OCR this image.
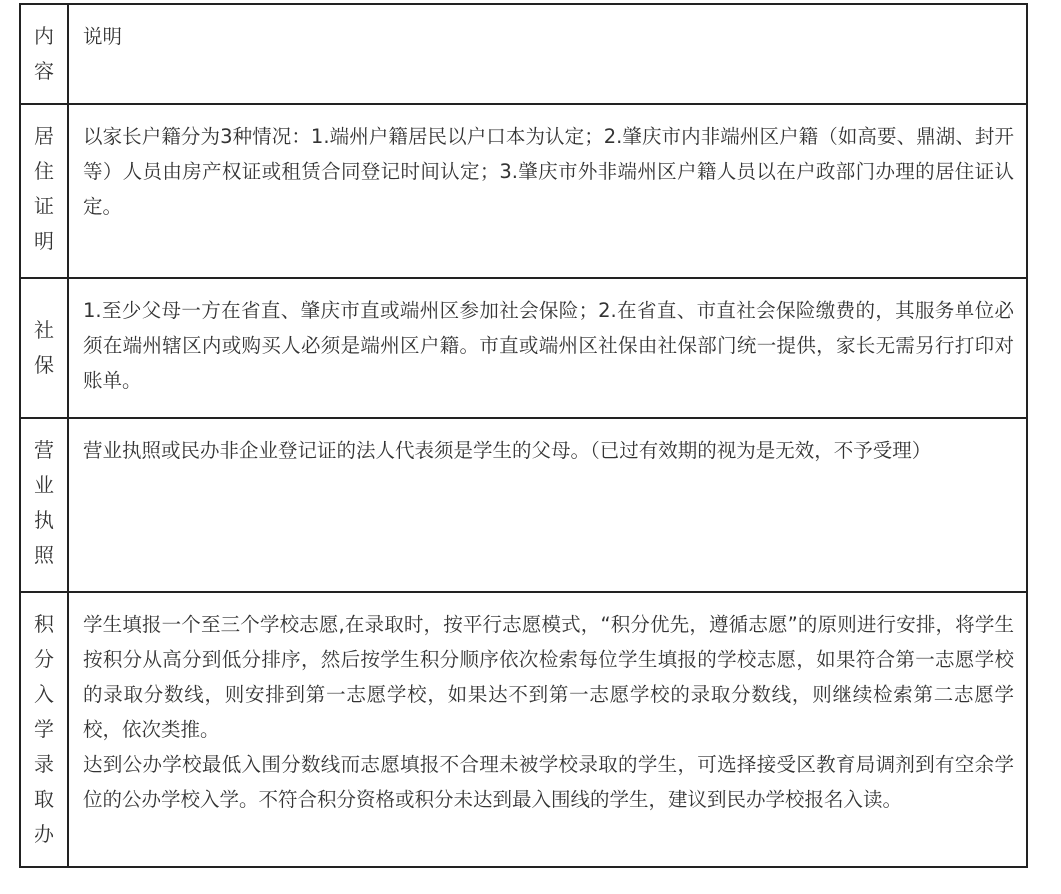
内容	说明
居住证明	以家长户籍分为3种情况：1.端州户籍居民以户口本为认定；2.肇庆市内非端州区户籍（如高要、鼎湖、封开等）人员由房产权证或租赁合同登记时间认定；3.肇庆市外非端州区户籍人员以在户政部门办理的居住证认定。
社保	1.至少父母一方在省直、肇庆市直或端州区参加社会保险；2.在省直、市直社会保险缴费的，其服务单位必须在端州辖区内或购买人必须是端州区户籍。市直或端州区社保由社保部门统一提供，家长无需另行打印对账单。
营业执照	营业执照或民办非企业登记证的法人代表须是学生的父母。（已过有效期的视为是无效，不予受理）
积分入学录取办	学生填报一个至三个学校志愿,在录取时，按平行志愿模式，“积分优先，遵循志愿”的原则进行安排，将学生按积分从高分到低分排序，然后按学生积分顺序依次检索每位学生填报的学校志愿，如果符合第一志愿学校的录取分数线，则安排到第一志愿学校，如果达不到第一志愿学校的录取分数线，则继续检索第二志愿学校，依次类推。
达到公办学校最低入围分数线而志愿填报不合理未被学校录取的学生，可选择接受区教育局调剂到有空余学位的公办学校入学。不符合积分资格或积分未达到最入围线的学生，建议到民办学校报名入读。
